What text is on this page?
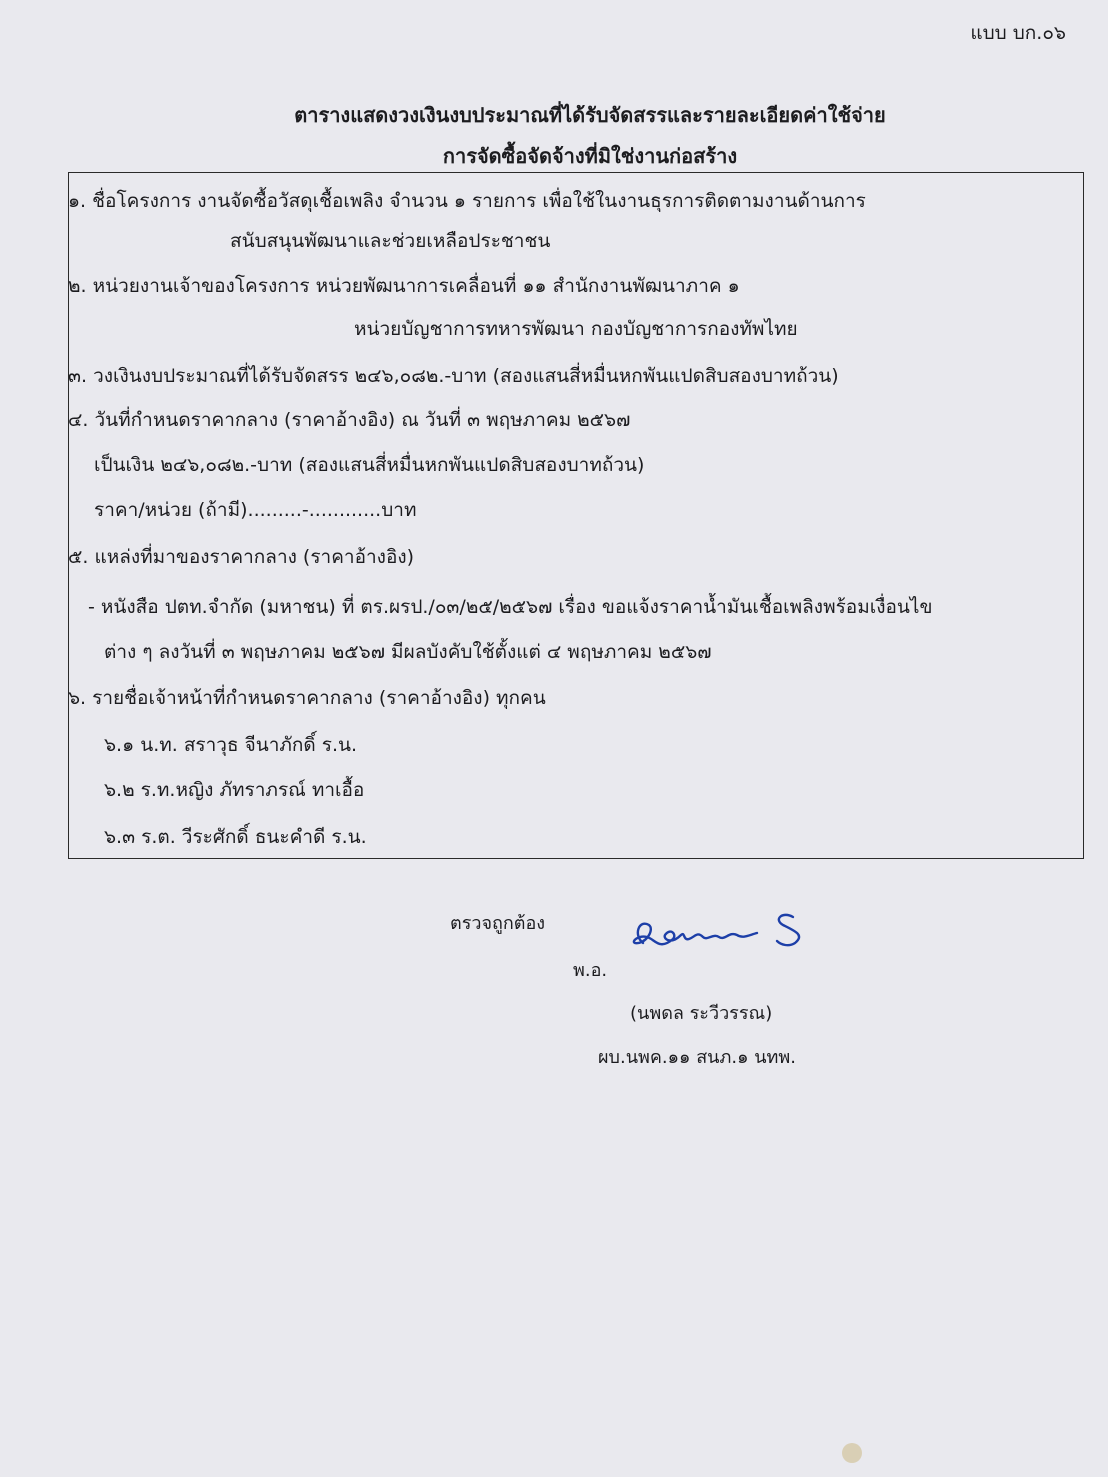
แบบ บก.๐๖
ตารางแสดงวงเงินงบประมาณที่ได้รับจัดสรรและรายละเอียดค่าใช้จ่าย
การจัดซื้อจัดจ้างที่มิใช่งานก่อสร้าง
๑. ชื่อโครงการ งานจัดซื้อวัสดุเชื้อเพลิง จำนวน ๑ รายการ เพื่อใช้ในงานธุรการติดตามงานด้านการ
สนับสนุนพัฒนาและช่วยเหลือประชาชน
๒. หน่วยงานเจ้าของโครงการ หน่วยพัฒนาการเคลื่อนที่ ๑๑ สำนักงานพัฒนาภาค ๑
หน่วยบัญชาการทหารพัฒนา กองบัญชาการกองทัพไทย
๓. วงเงินงบประมาณที่ได้รับจัดสรร ๒๔๖,๐๘๒.-บาท (สองแสนสี่หมื่นหกพันแปดสิบสองบาทถ้วน)
๔. วันที่กำหนดราคากลาง (ราคาอ้างอิง) ณ วันที่ ๓ พฤษภาคม ๒๕๖๗
เป็นเงิน ๒๔๖,๐๘๒.-บาท (สองแสนสี่หมื่นหกพันแปดสิบสองบาทถ้วน)
ราคา/หน่วย (ถ้ามี).........-............บาท
๕. แหล่งที่มาของราคากลาง (ราคาอ้างอิง)
- หนังสือ ปตท.จำกัด (มหาชน) ที่ ตร.ผรป./๐๓/๒๕/๒๕๖๗ เรื่อง ขอแจ้งราคาน้ำมันเชื้อเพลิงพร้อมเงื่อนไข
ต่าง ๆ ลงวันที่ ๓ พฤษภาคม ๒๕๖๗ มีผลบังคับใช้ตั้งแต่ ๔ พฤษภาคม ๒๕๖๗
๖. รายชื่อเจ้าหน้าที่กำหนดราคากลาง (ราคาอ้างอิง) ทุกคน
๖.๑ น.ท. สราวุธ จีนาภักดิ์ ร.น.
๖.๒ ร.ท.หญิง ภัทราภรณ์ ทาเอื้อ
๖.๓ ร.ต. วีระศักดิ์ ธนะคำดี ร.น.
ตรวจถูกต้อง
พ.อ.
(นพดล ระวีวรรณ)
ผบ.นพค.๑๑ สนภ.๑ นทพ.
